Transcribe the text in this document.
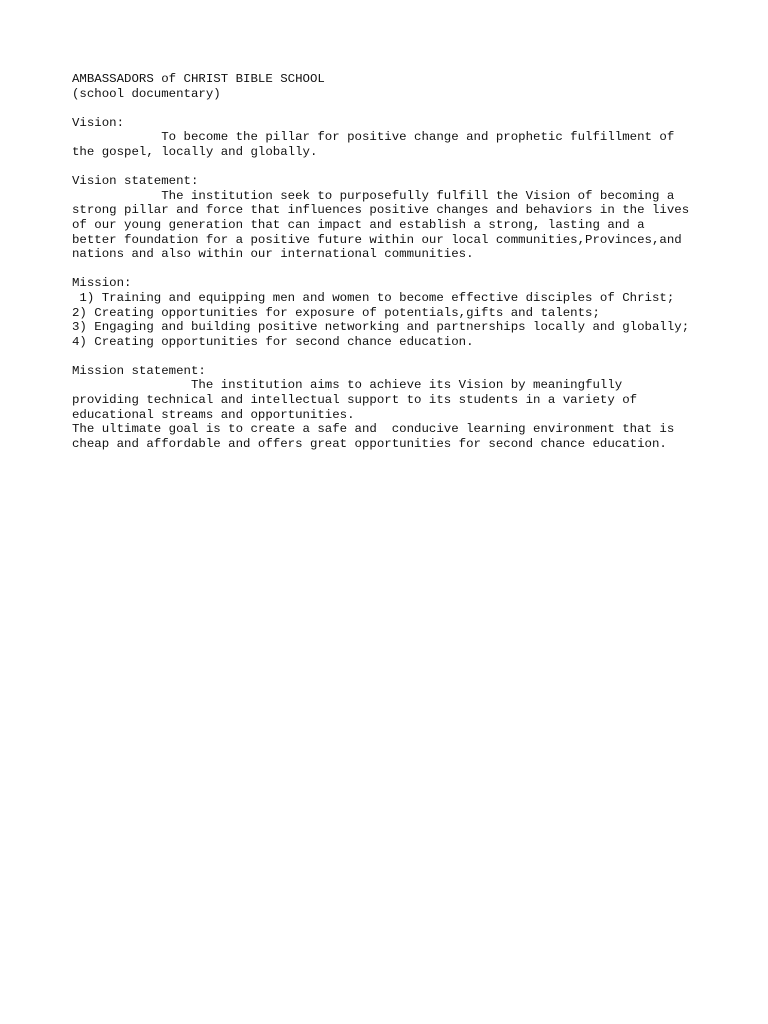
AMBASSADORS of CHRIST BIBLE SCHOOL

(school documentary)

Vision:

To become the pillar for positive change and prophetic fulfillment of

the gospel, locally and globally.

Vision statement:

The institution seek to purposefully fulfill the Vision of becoming a

strong pillar and force that influences positive changes and behaviors in the lives

of our young generation that can impact and establish a strong, lasting and a

better foundation for a positive future within our local communities,Provinces,and

nations and also within our international communities.

Mission:

1) Training and equipping men and women to become effective disciples of Christ;

2) Creating opportunities for exposure of potentials,gifts and talents;

3) Engaging and building positive networking and partnerships locally and globally;

4) Creating opportunities for second chance education.

Mission statement:

The institution aims to achieve its Vision by meaningfully

providing technical and intellectual support to its students in a variety of

educational streams and opportunities.

The ultimate goal is to create a safe and  conducive learning environment that is

cheap and affordable and offers great opportunities for second chance education.
